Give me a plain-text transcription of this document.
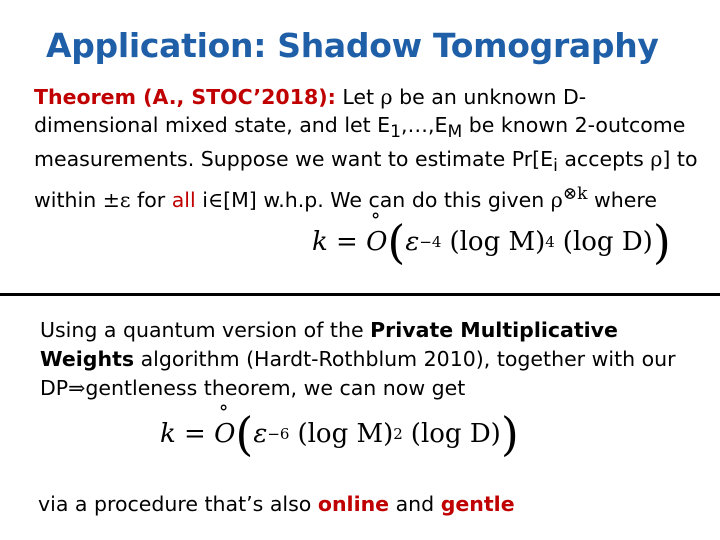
Application: Shadow Tomography
Theorem (A., STOC’2018): Let ρ be an unknown D-dimensional mixed state, and let $E_1,\dots,E_M$ be known 2-outcome measurements. Suppose we want to estimate $Pr[E_i$ accepts ρ] to within ±ε for all i∈[M] w.h.p. We can do this given $\rho^{\otimes k}$ where
k = ˚ O ( ε −4 (log M) 4 (log D) )
Using a quantum version of the Private Multiplicative Weights algorithm (Hardt-Rothblum 2010), together with our DP⇒gentleness theorem, we can now get
k = ˚ O ( ε −6 (log M) 2 (log D) )
via a procedure that’s also online and gentle
